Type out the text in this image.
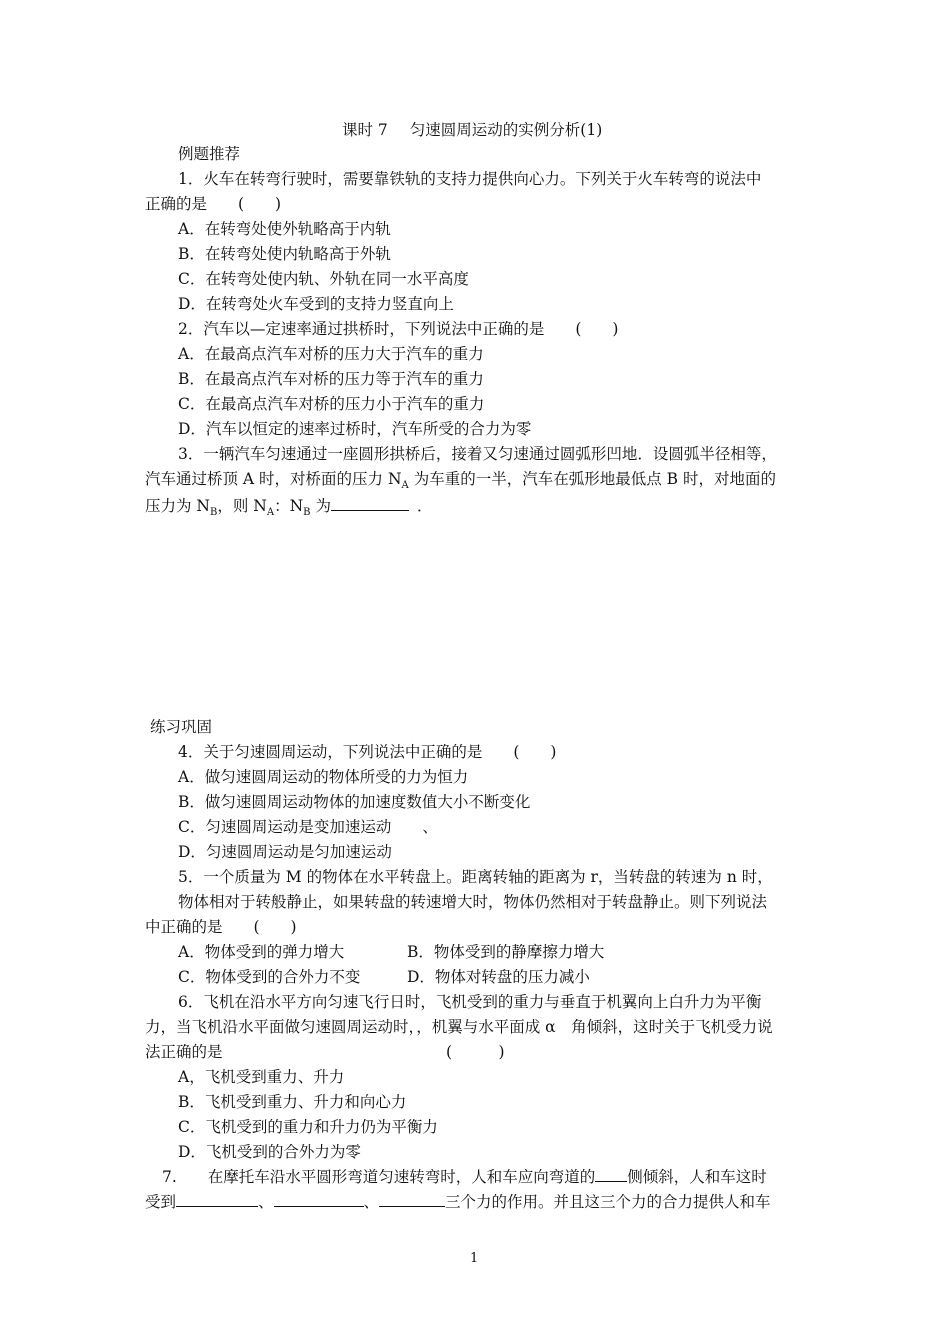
课时 7 匀速圆周运动的实例分析(1)
例题推荐
1．火车在转弯行驶时，需要靠铁轨的支持力提供向心力。下列关于火车转弯的说法中
正确的是　　(　　)
A．在转弯处使外轨略高于内轨
B．在转弯处使内轨略高于外轨
C．在转弯处使内轨、外轨在同一水平高度
D．在转弯处火车受到的支持力竖直向上
2．汽车以—定速率通过拱桥时，下列说法中正确的是　　(　　)
A．在最高点汽车对桥的压力大于汽车的重力
B．在最高点汽车对桥的压力等于汽车的重力
C．在最高点汽车对桥的压力小于汽车的重力
D．汽车以恒定的速率过桥时，汽车所受的合力为零
3．一辆汽车匀速通过一座圆形拱桥后，接着又匀速通过圆弧形凹地．设圆弧半径相等，
汽车通过桥顶 A 时，对桥面的压力 $N_A$ 为车重的一半，汽车在弧形地最低点 B 时，对地面的
压力为 $N_B$，则 $N_A$：$N_B$ 为	．
练习巩固
4．关于匀速圆周运动，下列说法中正确的是　　(　　)
A．做匀速圆周运动的物体所受的力为恒力
B．做匀速圆周运动物体的加速度数值大小不断变化
C．匀速圆周运动是变加速运动　　、
D．匀速圆周运动是匀加速运动
5．一个质量为 M 的物体在水平转盘上。距离转轴的距离为 r，当转盘的转速为 n 时，
物体相对于转般静止，如果转盘的转速增大时，物体仍然相对于转盘静止。则下列说法
中正确的是　　(　　)
A．物体受到的弹力增大	B．物体受到的静摩擦力增大
C．物体受到的合外力不变	D．物体对转盘的压力减小
6．飞机在沿水平方向匀速飞行日时，飞机受到的重力与垂直于机翼向上白升力为平衡
力，当飞机沿水平面做匀速圆周运动时，，机翼与水平面成 α　角倾斜，这时关于飞机受力说
法正确的是	(　　　)
A，飞机受到重力、升力
B．飞机受到重力、升力和向心力
C．飞机受到的重力和升力仍为平衡力
D．飞机受到的合外力为零
7.　　在摩托车沿水平圆形弯道匀速转弯时，人和车应向弯道的 侧倾斜，人和车这时
受到	、	、	三个力的作用。并且这三个力的合力提供人和车
1
